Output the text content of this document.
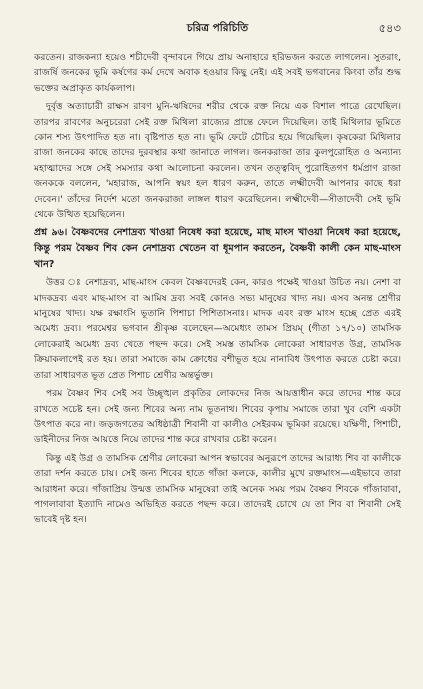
চরিত্র পরিচিতি	৫৪৩

করতেন। রাজকন্যা হয়েও শচীদেবী বৃন্দাবনে গিয়ে প্রায় অনাহারে হরিভজন করতে লাগলেন। সুতরাং, রাজর্ষি জনকের ভূমি কর্ষণের কর্ম দেখে অবাক হওয়ার কিছু নেই। এই সবই ভগবানের কিংবা তাঁর শুদ্ধ ভক্তের অপ্রাকৃত কার্যকলাপ।

দুর্বৃত্ত অত্যাচারী রাক্ষস রাবণ মুনি-ঋষিদের শরীর থেকে রক্ত নিয়ে এক বিশাল পাত্রে রেখেছিল। তারপর রাবণের অনুচরেরা সেই রক্ত মিথিলা রাজ্যের প্রান্তে ফেলে দিয়েছিল। তাই মিথিলার ভূমিতে কোন শস্য উৎপাদিত হত না। বৃষ্টিপাত হত না। ভূমি ফেটে চৌচির হয়ে গিয়েছিল। কৃষকেরা মিথিলার রাজা জনকের কাছে তাদের দুরবস্থার কথা জানাতে লাগল। জনকরাজা তার কুলপুরোহিত ও অন্যান্য মহাত্মাদের সঙ্গে সেই সমস্যার কথা আলোচনা করলেন। তখন তত্ত্ববিদ্ পুরোহিতগণ ধর্মপ্রাণ রাজা জনককে বললেন, 'মহারাজ, আপনি স্বয়ং হল ধারণ করুন, তাতে লক্ষ্মীদেবী আপনার কাছে ধরা দেবেন।' তাঁদের নির্দেশ মতো জনকরাজা লাঙ্গল ধারণ করেছিলেন। লক্ষ্মীদেবী—সীতাদেবী সেই ভূমি থেকে উত্থিত হয়েছিলেন।

প্রশ্ন ৯৬। বৈষ্ণবদের নেশাদ্রব্য খাওয়া নিষেধ করা হয়েছে, মাছ মাংস খাওয়া নিষেধ করা হয়েছে, কিন্তু পরম বৈষ্ণব শিব কেন নেশাদ্রব্য খেতেন বা ধূমপান করতেন, বৈষ্ণবী কালী কেন মাছ-মাংস খান?

উত্তর ঃ নেশাদ্রব্য, মাছ-মাংস কেবল বৈষ্ণবদেরই কেন, কারও পক্ষেই খাওয়া উচিত নয়। নেশা বা মাদকদ্রব্য এবং মাছ-মাংস বা আমিষ দ্রব্য সবই কোনও সভ্য মানুষের খাদ্য নয়। এসব অনন্ত শ্রেণীর মানুষের খাদ্য। যক্ষ রক্ষাংসি ভূতানি পিশাচা পিশিতাসনাঃ। মাদক এবং রক্ত মাংস হচ্ছে প্রেত এরই অমেধ্য দ্রব্য। পরমেশ্বর ভগবান শ্রীকৃষ্ণ বলেছেন—অমেধ্যং তামস প্রিয়ম্ (গীতা ১৭/১০) তামসিক লোকেরাই অমেধ্য দ্রব্য খেতে পছন্দ করে। সেই সমস্ত তামসিক লোকেরা সাধারণত উগ্র, তামসিক ক্রিয়াকলাপেই রত হয়। তারা সমাজে কাম ক্রোধের বশীভূত হয়ে নানাবিধ উৎপাত করতে চেষ্টা করে। তারা সাধারণত ভূত প্রেত পিশাচ শ্রেণীর অন্তর্ভুক্ত।

পরম বৈষ্ণব শিব সেই সব উচ্ছৃঙ্খল প্রকৃতির লোকদের নিজ আয়ত্তাধীন করে তাদের শান্ত করে রাখতে সচেষ্ট হন। সেই জন্য শিবের অন্য নাম ভূতনাথ। শিবের কৃপায় সমাজে তারা খুব বেশি একটা উৎপাত করে না। জড়জগতের অধিষ্ঠাত্রী শিবানী বা কালীও সেইরকম ভূমিকা রয়েছে। যক্ষিণী, পিশাচী, ডাইনীদের নিজ আয়ত্তে নিয়ে তাদের শান্ত করে রাখবার চেষ্টা করেন।

কিন্তু এই উগ্র ও তামসিক শ্রেণীর লোকেরা আপন স্বভাবের অনুরূপে তাদের আরাধ্য শিব বা কালীকে তারা দর্শন করতে চায়। সেই জন্য শিবের হাতে গাঁজা কলকে, কালীর মুখে রক্তমাংস—এইভাবে তারা আরাধনা করে। গাঁজাপ্রিয় উন্মত্ত তামসিক মানুষেরা তাই অনেক সময় পরম বৈষ্ণব শিবকে গাঁজাবাবা, পাগলাবাবা ইত্যাদি নামেও অভিহিত করতে পছন্দ করে। তাদেরই চোখে যে তা শিব বা শিবানী সেই ভাবেই দৃষ্ট হন।
